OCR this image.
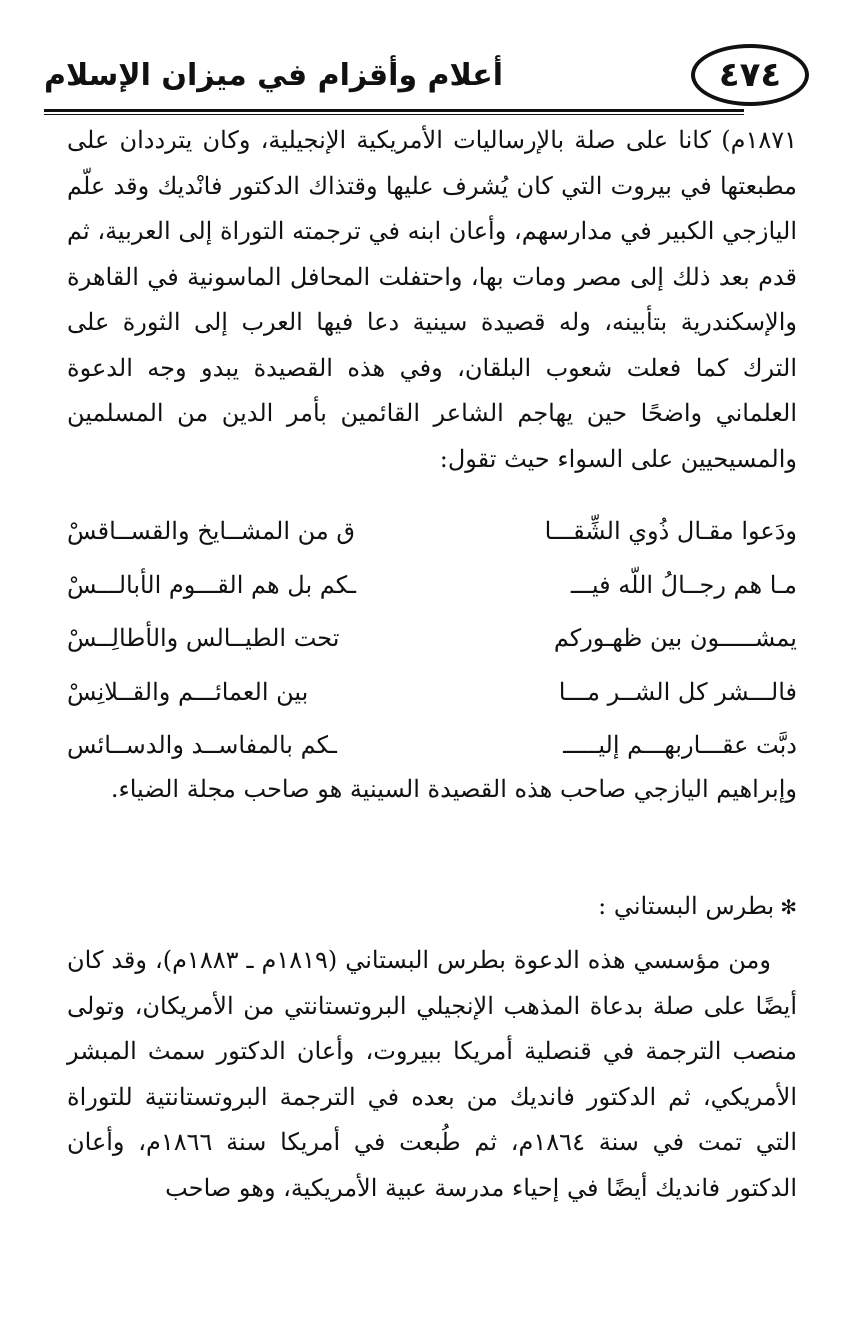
٤٧٤
أعلام وأقزام في ميزان الإسلام

١٨٧١م) كانا على صلة بالإرساليات الأمريكية الإنجيلية، وكان يترددان على مطبعتها في بيروت التي كان يُشرف عليها وقتذاك الدكتور فانْديك وقد علّم اليازجي الكبير في مدارسهم، وأعان ابنه في ترجمته التوراة إلى العربية، ثم قدم بعد ذلك إلى مصر ومات بها، واحتفلت المحافل الماسونية في القاهرة والإسكندرية بتأبينه، وله قصيدة سينية دعا فيها العرب إلى الثورة على الترك كما فعلت شعوب البلقان، وفي هذه القصيدة يبدو وجه الدعوة العلماني واضحًا حين يهاجم الشاعر القائمين بأمر الدين من المسلمين والمسيحيين على السواء حيث تقول:

ودَعوا مقـال ذُوي الشِّقـــا
ق من المشــايخ والقســاقسْ
مـا هم رجــالُ اللّه فيـــ
ـكم بل هم القـــوم الأبالـــسْ
يمشـــــون بين ظهـوركم
تحت الطيــالس والأطالِــسْ
فالـــشر كل الشــر مـــا
بين العمائـــم والقــلانِسْ
دبَّت عقـــاربهـــم إليـــــ
ـكم بالمفاســد والدســائس
وإبراهيم اليازجي صاحب هذه القصيدة السينية هو صاحب مجلة الضياء.
✻بطرس البستاني :

ومن مؤسسي هذه الدعوة بطرس البستاني (١٨١٩م ـ ١٨٨٣م)، وقد كان أيضًا على صلة بدعاة المذهب الإنجيلي البروتستانتي من الأمريكان، وتولى منصب الترجمة في قنصلية أمريكا ببيروت، وأعان الدكتور سمث المبشر الأمريكي، ثم الدكتور فانديك من بعده في الترجمة البروتستانتية للتوراة التي تمت في سنة ١٨٦٤م، ثم طُبعت في أمريكا سنة ١٨٦٦م، وأعان الدكتور فانديك أيضًا في إحياء مدرسة عبية الأمريكية، وهو صاحب
